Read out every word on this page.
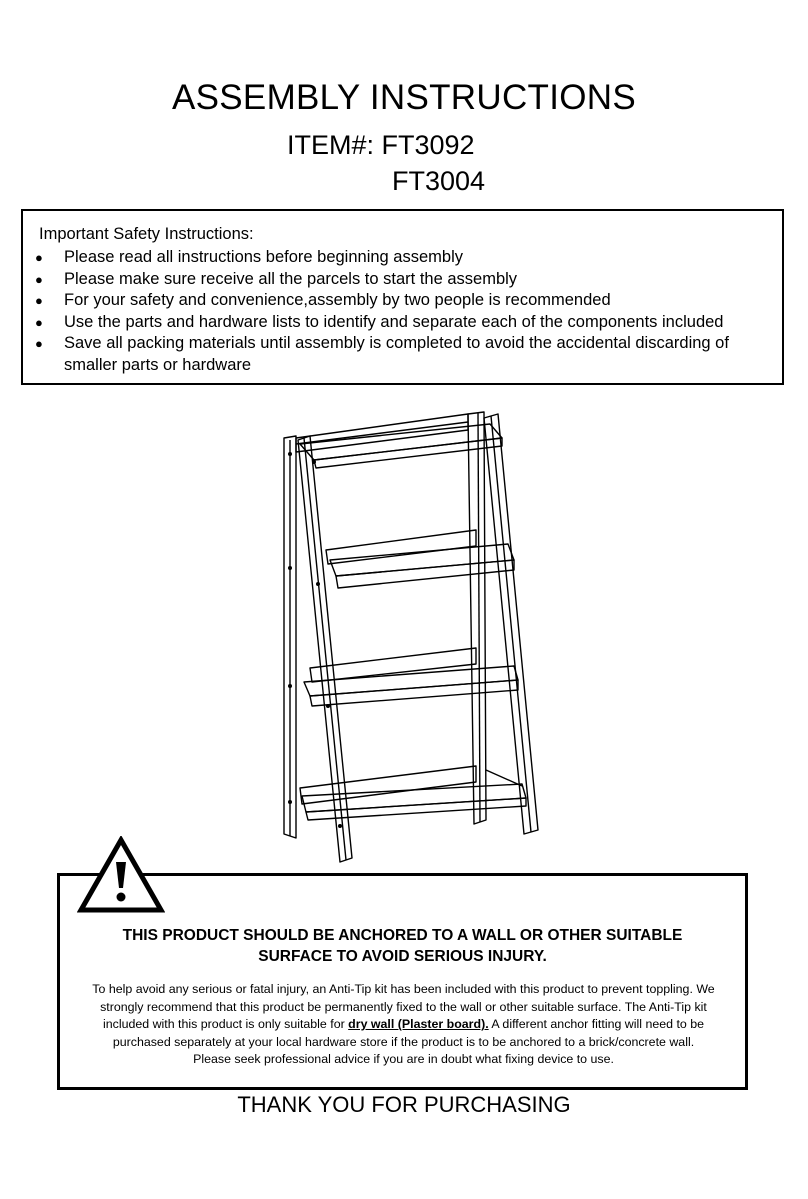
ASSEMBLY INSTRUCTIONS
ITEM#: FT3092
FT3004
Important Safety Instructions:
● Please read all instructions before beginning assembly
● Please make sure receive all the parcels to start the assembly
● For your safety and convenience,assembly by two people is recommended
● Use the parts and hardware lists to identify and separate each of the components included
● Save all packing materials until assembly is completed to avoid the accidental discarding of smaller parts or hardware
THIS PRODUCT SHOULD BE ANCHORED TO A WALL OR OTHER SUITABLE
SURFACE TO AVOID SERIOUS INJURY.
To help avoid any serious or fatal injury, an Anti-Tip kit has been included with this product to prevent toppling. We strongly recommend that this product be permanently fixed to the wall or other suitable surface. The Anti-Tip kit included with this product is only suitable for dry wall (Plaster board). A different anchor fitting will need to be purchased separately at your local hardware store if the product is to be anchored to a brick/concrete wall.
Please seek professional advice if you are in doubt what fixing device to use.
THANK YOU FOR PURCHASING
